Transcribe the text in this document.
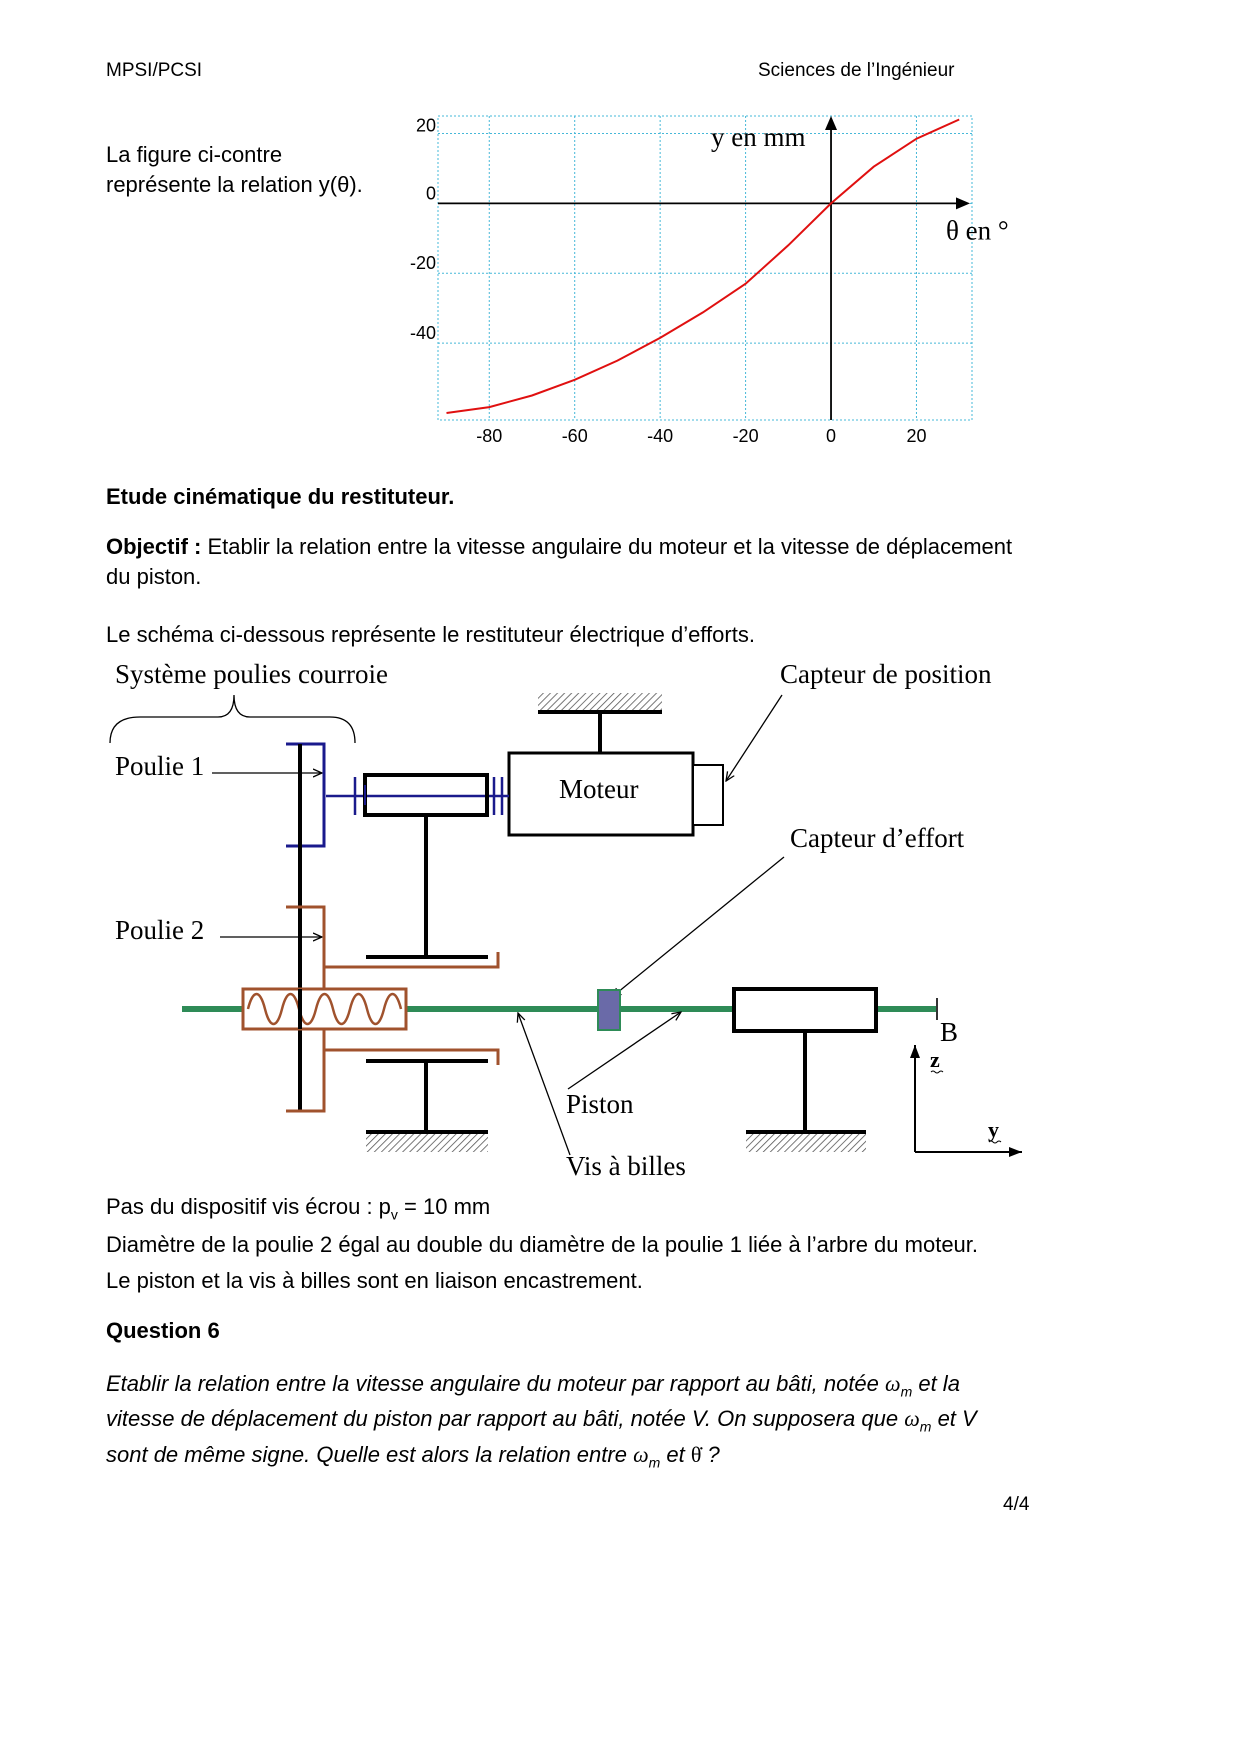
MPSI/PCSI	Sciences de l’Ingénieur
La figure ci-contre
représente la relation y(θ).
-80	-60	-40	-20	0	20
20
0
-20
-40
y en mm
θ en °
Etude cinématique du restituteur.
Objectif : Etablir la relation entre la vitesse angulaire du moteur et la vitesse de déplacement du piston.
Le schéma ci-dessous représente le restituteur électrique d’efforts.
Système poulies courroie
Poulie 1
Poulie 2
Capteur de position
Capteur d’effort
Moteur
B
Piston
Vis à billes
z
y
Pas du dispositif vis écrou : $p_v = 10$ mm
Diamètre de la poulie 2 égal au double du diamètre de la poulie 1 liée à l’arbre du moteur.
Le piston et la vis à billes sont en liaison encastrement.
Question 6
Etablir la relation entre la vitesse angulaire du moteur par rapport au bâti, notée $\omega_m$ et la
vitesse de déplacement du piston par rapport au bâti, notée V. On supposera que $\omega_m$ et V
sont de même signe. Quelle est alors la relation entre $\omega_m$ et θ̇ ?
4/4
